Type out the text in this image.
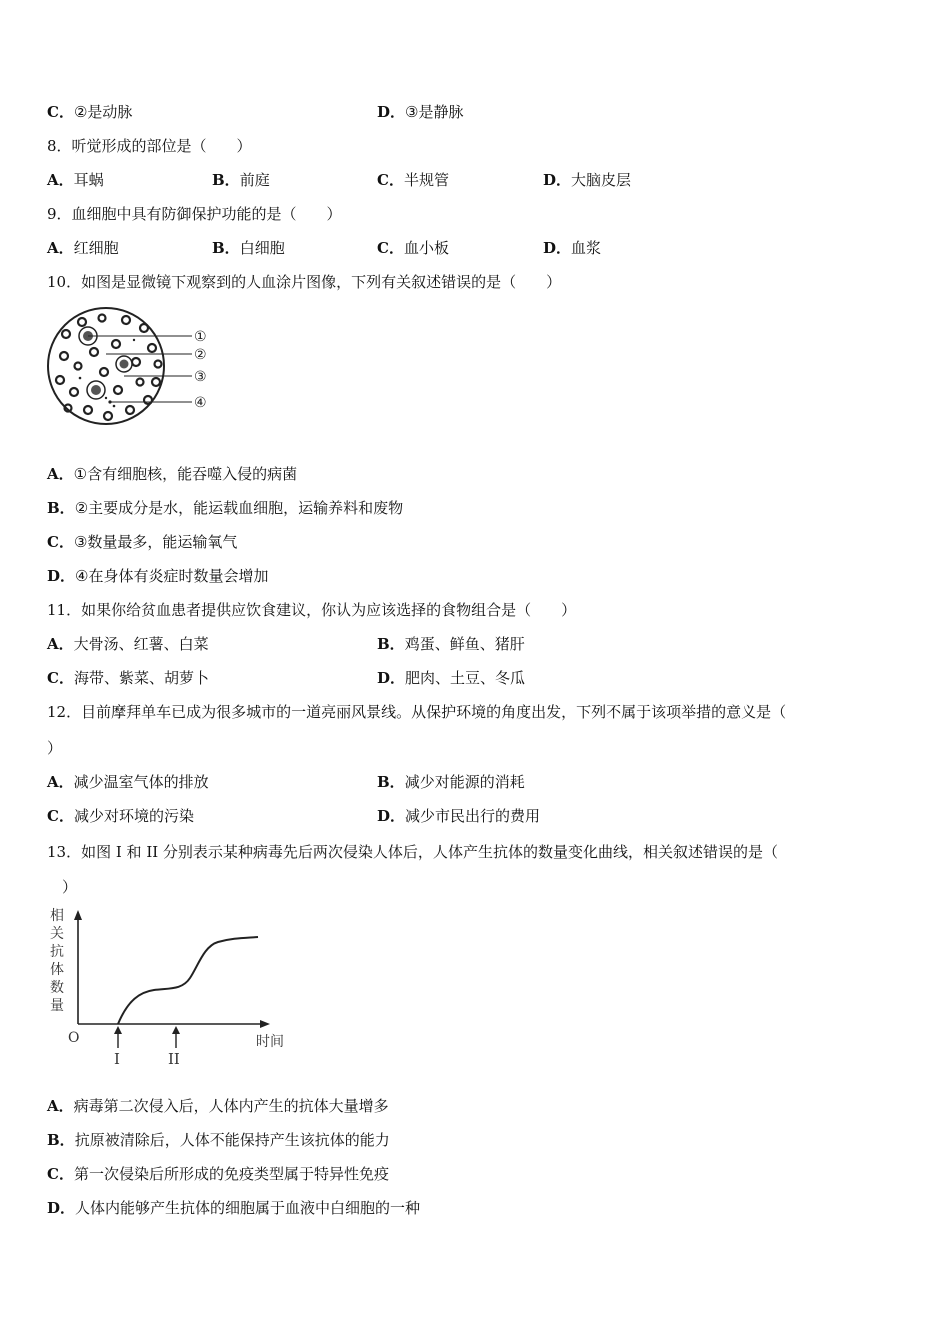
C．②是动脉	D．③是静脉
8．听觉形成的部位是（　　）
A．耳蜗	B．前庭	C．半规管	D．大脑皮层
9．血细胞中具有防御保护功能的是（　　）
A．红细胞	B．白细胞	C．血小板	D．血浆
10．如图是显微镜下观察到的人血涂片图像，下列有关叙述错误的是（　　）
①
②
③
④
A．①含有细胞核，能吞噬入侵的病菌
B．②主要成分是水，能运载血细胞，运输养料和废物
C．③数量最多，能运输氧气
D．④在身体有炎症时数量会增加
11．如果你给贫血患者提供应饮食建议，你认为应该选择的食物组合是（　　）
A．大骨汤、红薯、白菜	B．鸡蛋、鲜鱼、猪肝
C．海带、紫菜、胡萝卜	D．肥肉、土豆、冬瓜
12．目前摩拜单车已成为很多城市的一道亮丽风景线。从保护环境的角度出发，下列不属于该项举措的意义是（
）
A．减少温室气体的排放	B．减少对能源的消耗
C．减少对环境的污染	D．减少市民出行的费用
13．如图 I 和 II 分别表示某种病毒先后两次侵染人体后，人体产生抗体的数量变化曲线，相关叙述错误的是（
）
相
关
抗
体
数
量
O	时间
I	II
A．病毒第二次侵入后，人体内产生的抗体大量增多
B．抗原被清除后，人体不能保持产生该抗体的能力
C．第一次侵染后所形成的免疫类型属于特异性免疫
D．人体内能够产生抗体的细胞属于血液中白细胞的一种
